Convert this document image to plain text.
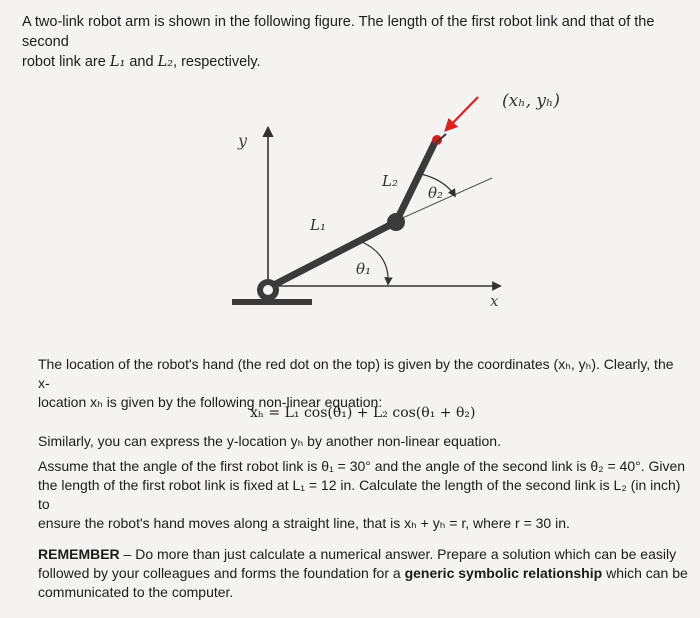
A two-link robot arm is shown in the following figure. The length of the first robot link and that of the second
robot link are L₁ and L₂, respectively.

y
x
(xₕ, yₕ)
L₁
L₂
θ₁
θ₂

The location of the robot's hand (the red dot on the top) is given by the coordinates (xₕ, yₕ). Clearly, the x-
location xₕ is given by the following non-linear equation:

xₕ = L₁ cos(θ₁) + L₂ cos(θ₁ + θ₂)

Similarly, you can express the y-location yₕ by another non-linear equation.

Assume that the angle of the first robot link is θ₁ = 30° and the angle of the second link is θ₂ = 40°. Given
the length of the first robot link is fixed at L₁ = 12 in. Calculate the length of the second link is L₂ (in inch) to
ensure the robot's hand moves along a straight line, that is xₕ + yₕ = r, where r = 30 in.

REMEMBER – Do more than just calculate a numerical answer. Prepare a solution which can be easily
followed by your colleagues and forms the foundation for a generic symbolic relationship which can be
communicated to the computer.
